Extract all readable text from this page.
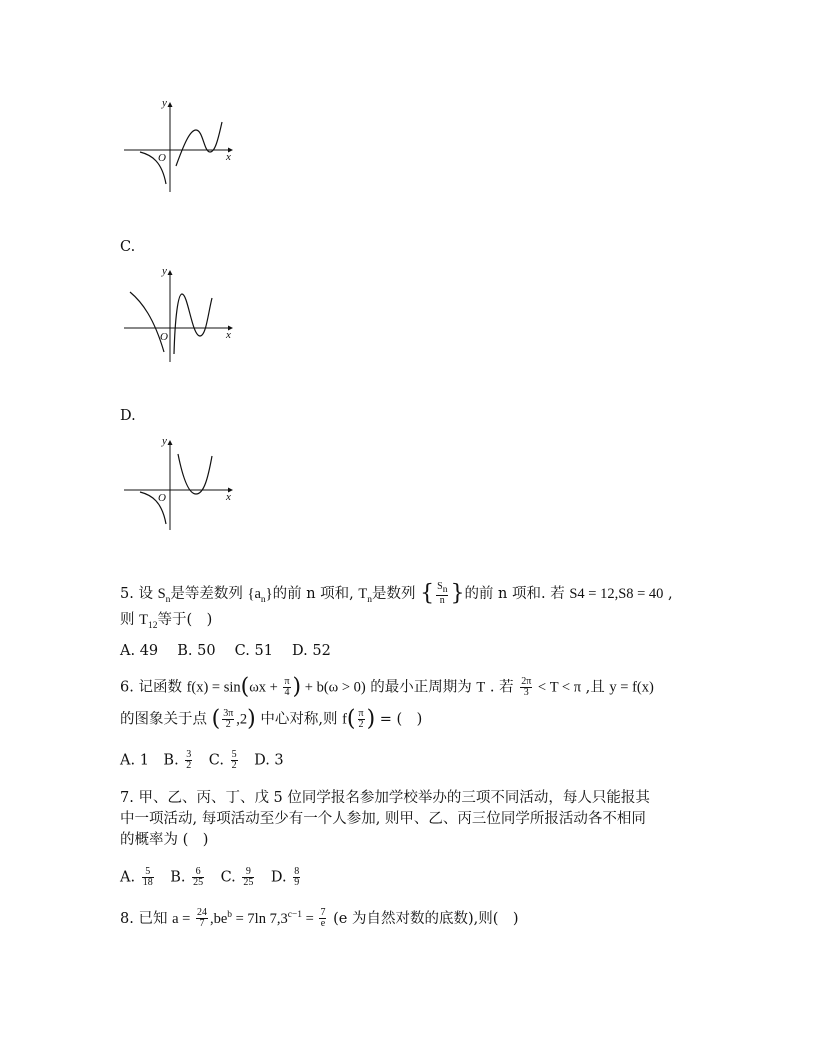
y
x
O
C.
y
x
O
D.
y
x
O
5. 设 $S_n$是等差数列 $\{a_n\}$的前 n 项和, $T_n$是数列 { $\frac{S_n}{n}$ }的前 n 项和. 若 S4 = 12,S8 = 40 ,
则 $T_{12}$等于(　)
A. 49　 B. 50　 C. 51　 D. 52
6. 记函数 $f(x) = \sin(\omega x + \frac{\pi}{4}$ ) + b(ω > 0) 的最小正周期为 T . 若 $\frac{2\pi}{3} < T < \pi$ ,且 y = f(x)
的图象关于点 ( $\frac{3\pi}{2} ,2$) 中心对称,则 $f( \frac{\pi}{2}$ ) = (　)
A. 1　B. $\frac{3}{2}$ 　C. $\frac{5}{2}$ 　D. 3
7. 甲、乙、丙、丁、戊 5 位同学报名参加学校举办的三项不同活动，每人只能报其
中一项活动, 每项活动至少有一个人参加, 则甲、乙、丙三位同学所报活动各不相同
的概率为 (　)
A. $\frac{5}{18}$ 　B. $\frac{6}{25}$ 　C. $\frac{9}{25}$ 　D. $\frac{8}{9}$
8. 已知 $a = \frac{24}{7} ,be^b = 7\ln$ $7,3^{c-1} = \frac{7}{e} (e$ 为自然对数的底数),则(　)
